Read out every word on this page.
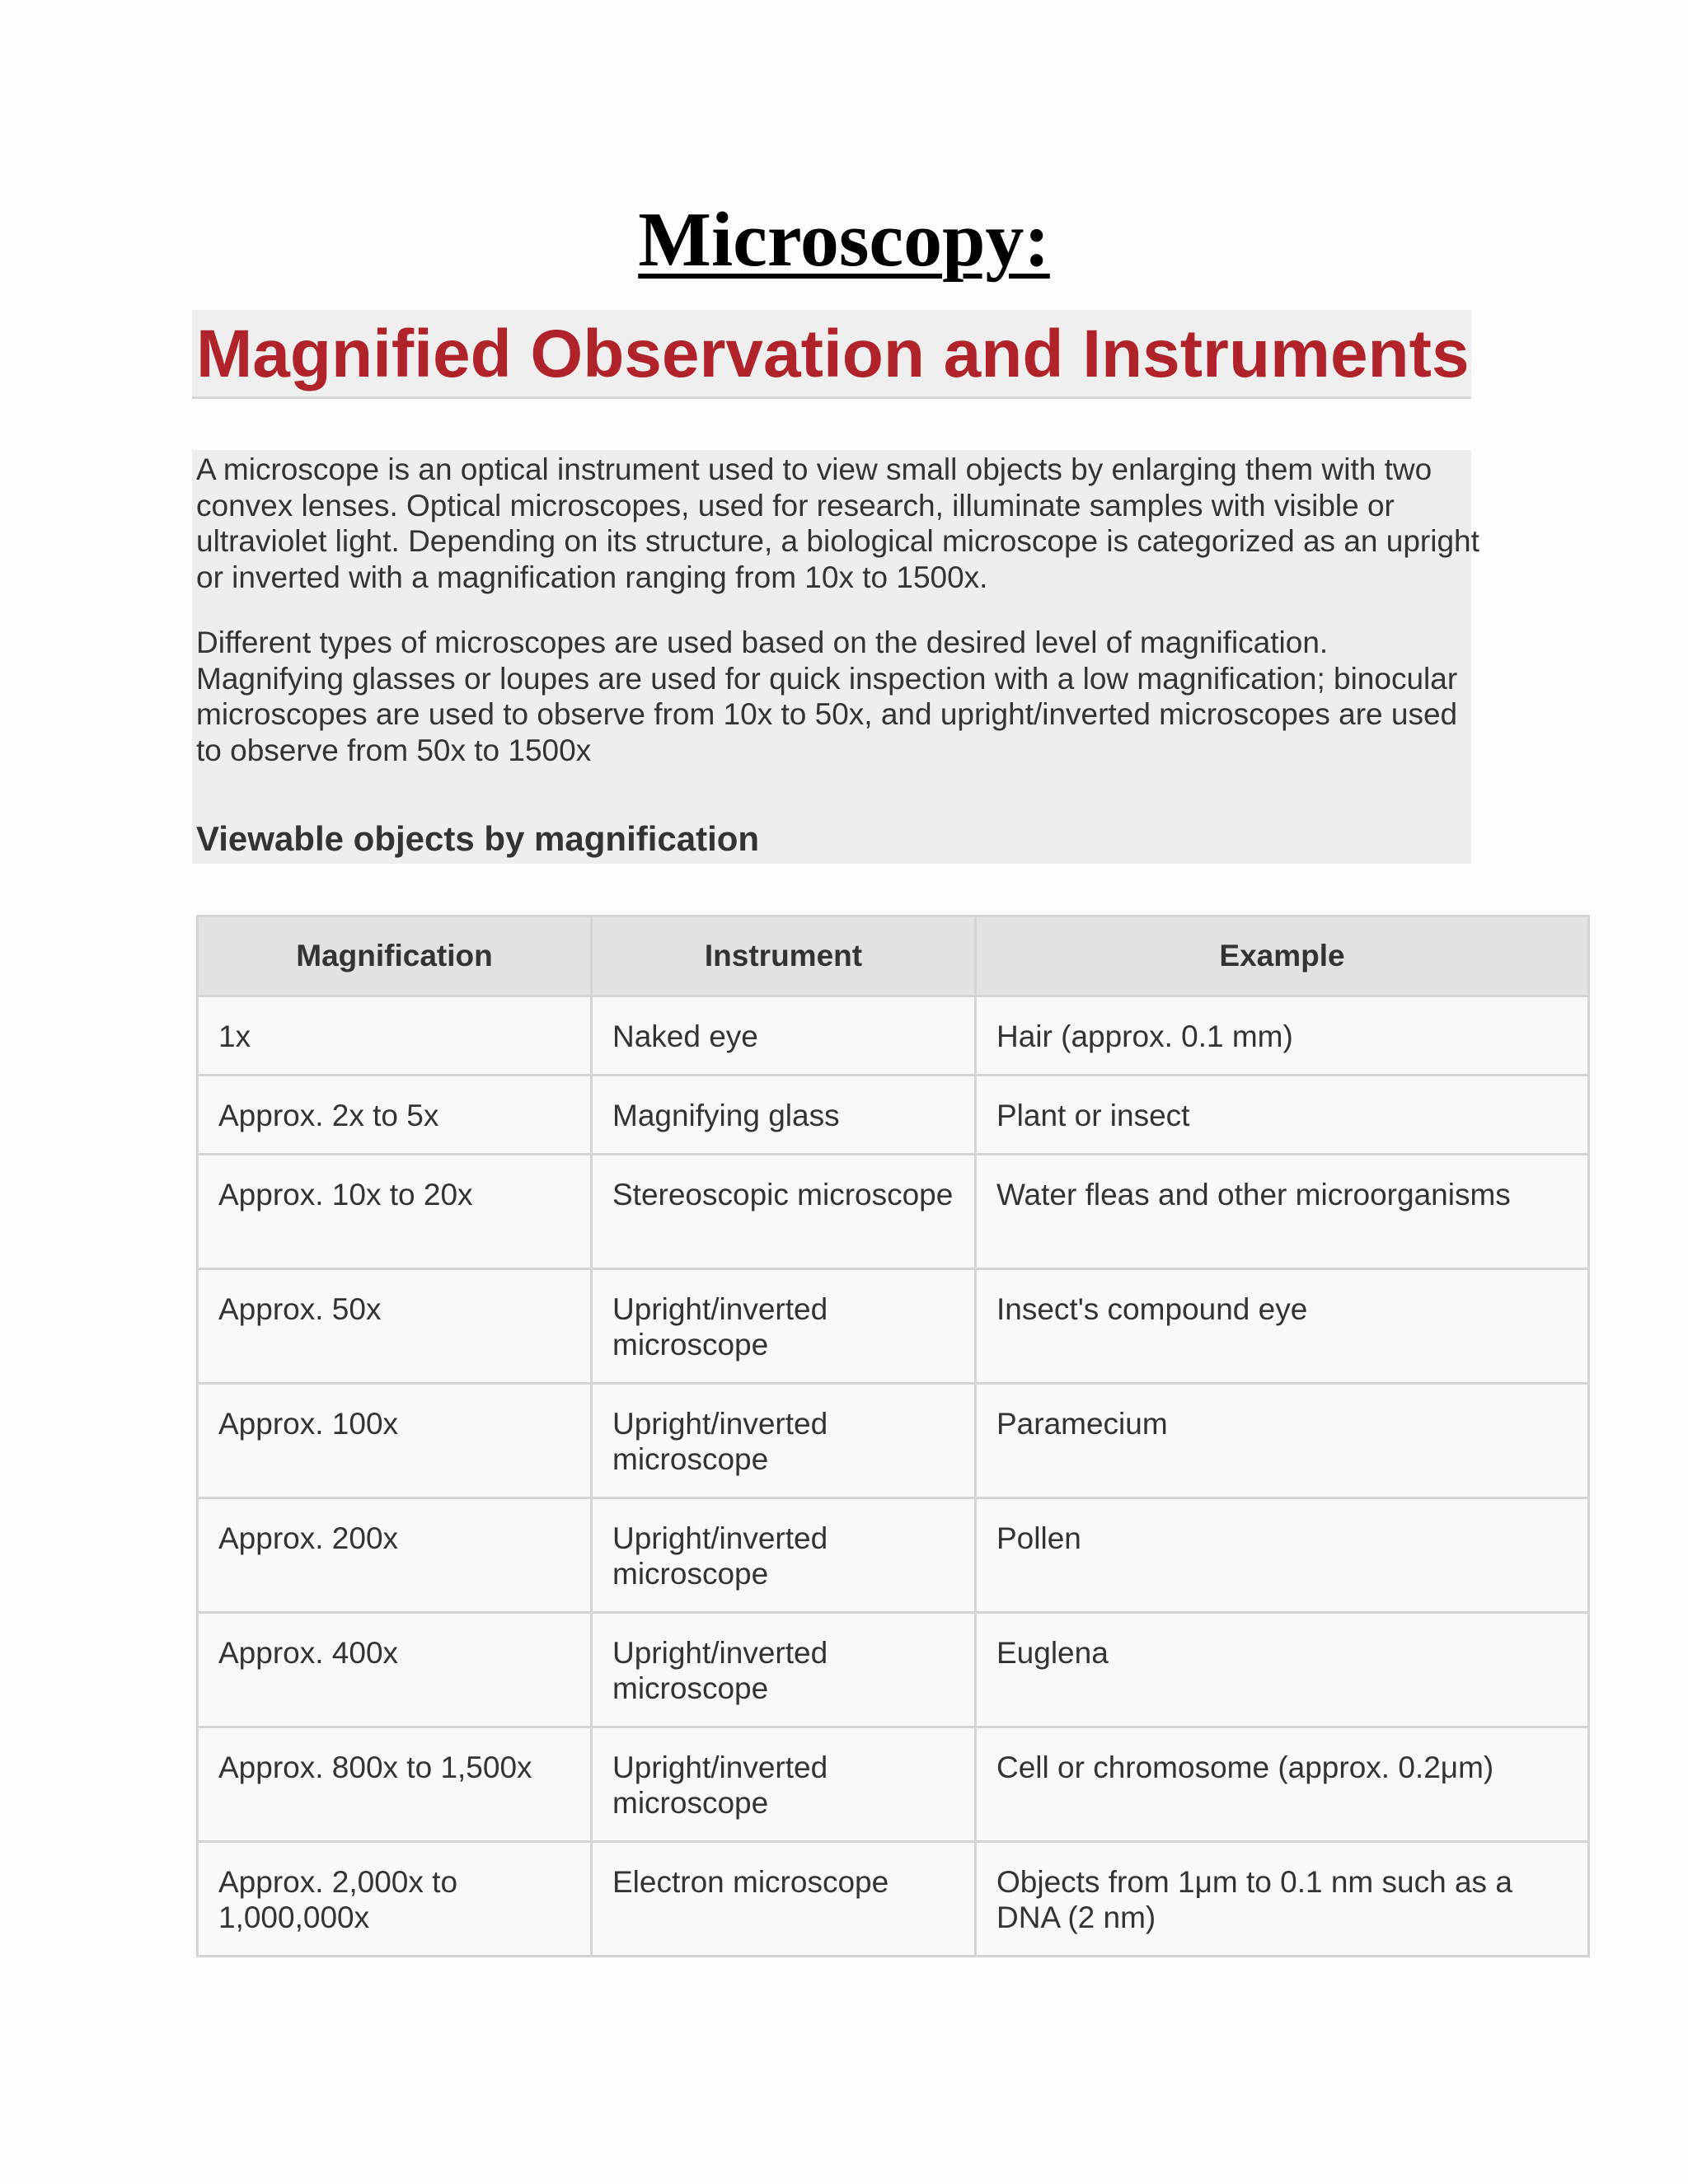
Microscopy:
Magnified Observation and Instruments

A microscope is an optical instrument used to view small objects by enlarging them with two convex lenses. Optical microscopes, used for research, illuminate samples with visible or ultraviolet light. Depending on its structure, a biological microscope is categorized as an upright or inverted with a magnification ranging from 10x to 1500x.

Different types of microscopes are used based on the desired level of magnification. Magnifying glasses or loupes are used for quick inspection with a low magnification; binocular microscopes are used to observe from 10x to 50x, and upright/inverted microscopes are used to observe from 50x to 1500x

Viewable objects by magnification
Magnification	Instrument	Example
1x	Naked eye	Hair (approx. 0.1 mm)
Approx. 2x to 5x	Magnifying glass	Plant or insect
Approx. 10x to 20x	Stereoscopic microscope	Water fleas and other microorganisms
Approx. 50x	Upright/inverted microscope	Insect's compound eye
Approx. 100x	Upright/inverted microscope	Paramecium
Approx. 200x	Upright/inverted microscope	Pollen
Approx. 400x	Upright/inverted microscope	Euglena
Approx. 800x to 1,500x	Upright/inverted microscope	Cell or chromosome (approx. 0.2μm)
Approx. 2,000x to 1,000,000x	Electron microscope	Objects from 1μm to 0.1 nm such as a DNA (2 nm)
